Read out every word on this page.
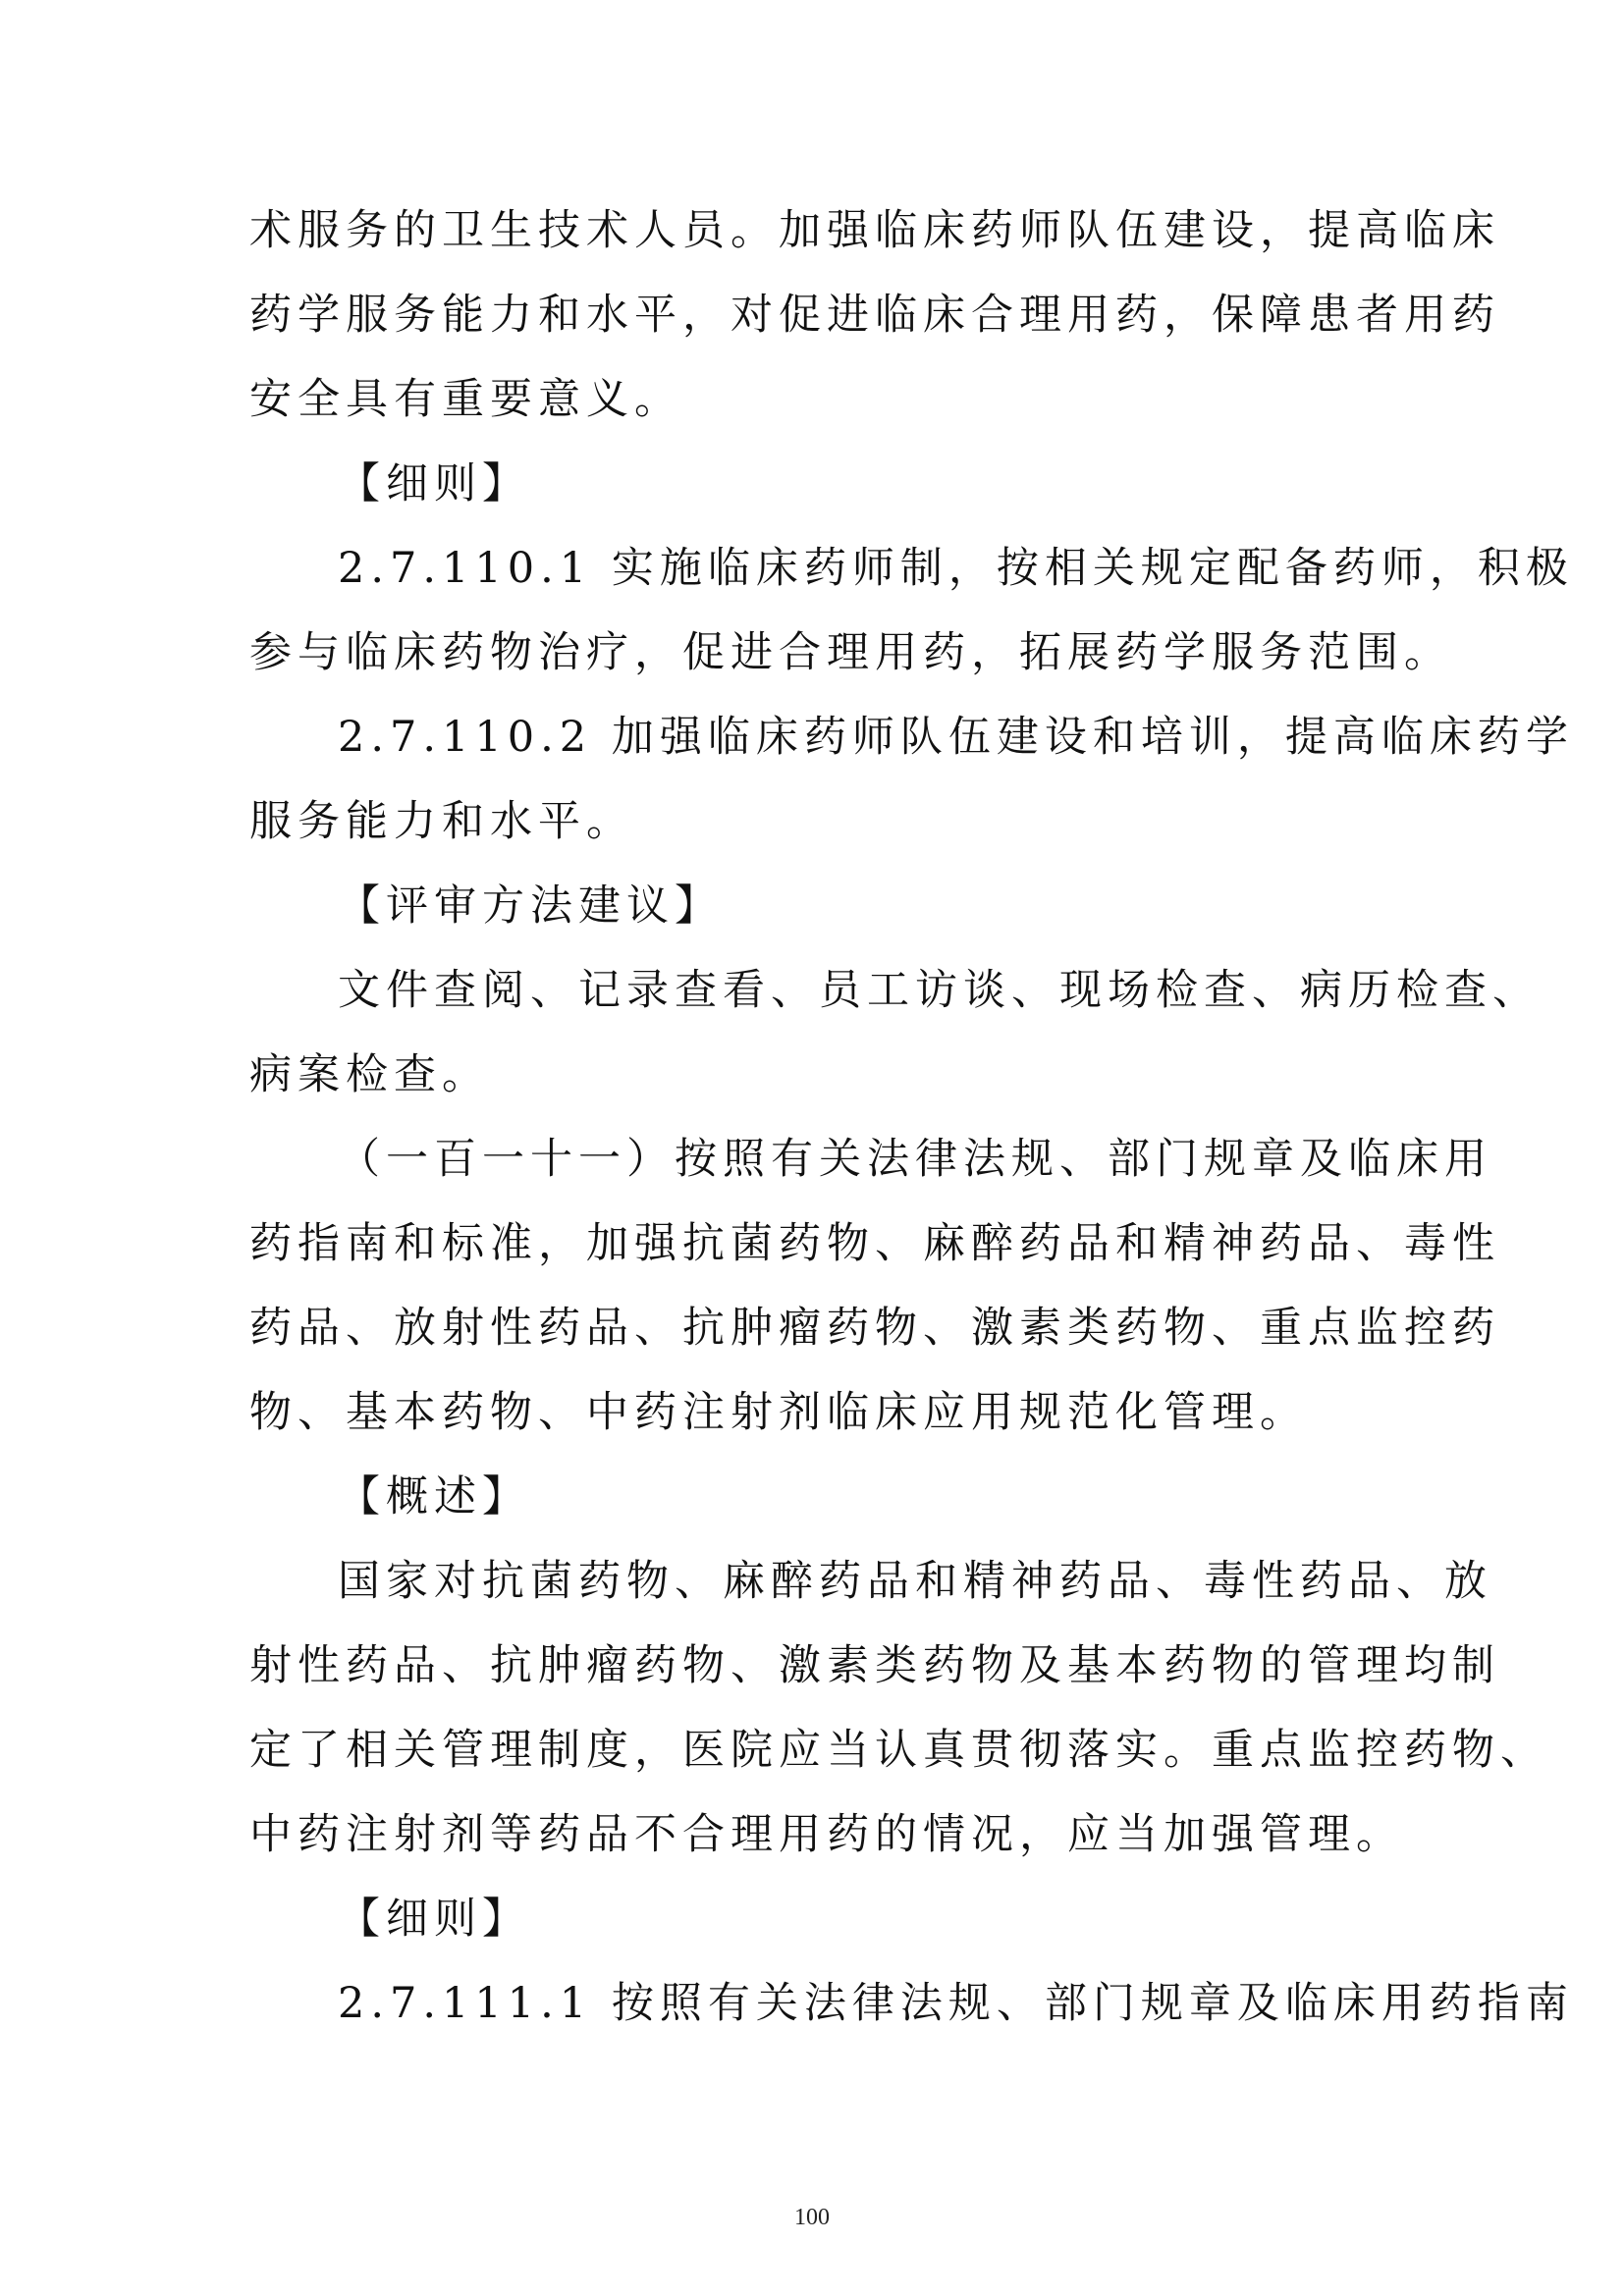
术服务的卫生技术人员。加强临床药师队伍建设，提高临床
药学服务能力和水平，对促进临床合理用药，保障患者用药
安全具有重要意义。

【细则】

2.7.110.1 实施临床药师制，按相关规定配备药师，积极
参与临床药物治疗，促进合理用药，拓展药学服务范围。

2.7.110.2 加强临床药师队伍建设和培训，提高临床药学
服务能力和水平。

【评审方法建议】

文件查阅、记录查看、员工访谈、现场检查、病历检查、
病案检查。

（一百一十一）按照有关法律法规、部门规章及临床用
药指南和标准，加强抗菌药物、麻醉药品和精神药品、毒性
药品、放射性药品、抗肿瘤药物、激素类药物、重点监控药
物、基本药物、中药注射剂临床应用规范化管理。

【概述】

国家对抗菌药物、麻醉药品和精神药品、毒性药品、放
射性药品、抗肿瘤药物、激素类药物及基本药物的管理均制
定了相关管理制度，医院应当认真贯彻落实。重点监控药物、
中药注射剂等药品不合理用药的情况，应当加强管理。

【细则】

2.7.111.1 按照有关法律法规、部门规章及临床用药指南

100
